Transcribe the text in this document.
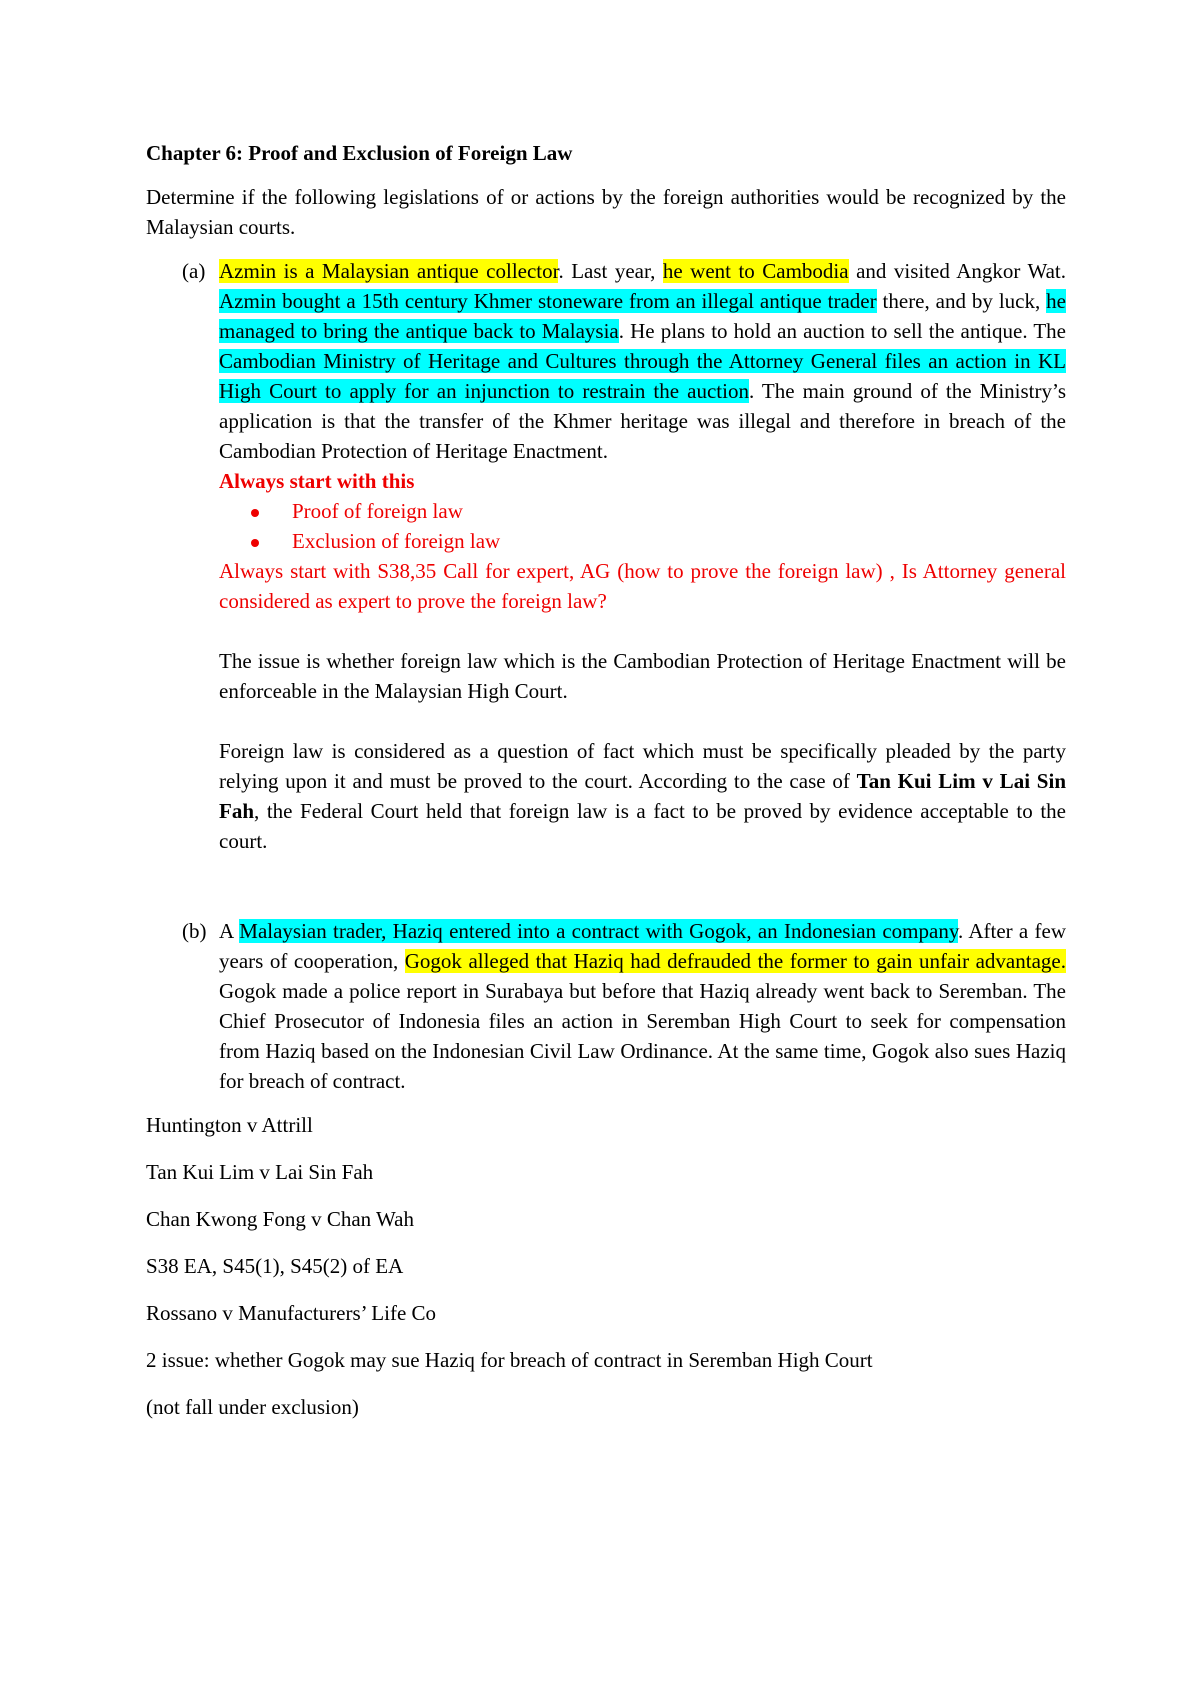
Chapter 6: Proof and Exclusion of Foreign Law

Determine if the following legislations of or actions by the foreign authorities would be recognized by the Malaysian courts.

(a) Azmin is a Malaysian antique collector. Last year, he went to Cambodia and visited Angkor Wat. Azmin bought a 15th century Khmer stoneware from an illegal antique trader there, and by luck, he managed to bring the antique back to Malaysia. He plans to hold an auction to sell the antique. The Cambodian Ministry of Heritage and Cultures through the Attorney General files an action in KL High Court to apply for an injunction to restrain the auction. The main ground of the Ministry’s application is that the transfer of the Khmer heritage was illegal and therefore in breach of the Cambodian Protection of Heritage Enactment.

Always start with this

Proof of foreign law
Exclusion of foreign law

Always start with S38,35 Call for expert, AG (how to prove the foreign law) , Is Attorney general considered as expert to prove the foreign law?

The issue is whether foreign law which is the Cambodian Protection of Heritage Enactment will be enforceable in the Malaysian High Court.

Foreign law is considered as a question of fact which must be specifically pleaded by the party relying upon it and must be proved to the court. According to the case of Tan Kui Lim v Lai Sin Fah, the Federal Court held that foreign law is a fact to be proved by evidence acceptable to the court.

(b) A Malaysian trader, Haziq entered into a contract with Gogok, an Indonesian company. After a few years of cooperation, Gogok alleged that Haziq had defrauded the former to gain unfair advantage. Gogok made a police report in Surabaya but before that Haziq already went back to Seremban. The Chief Prosecutor of Indonesia files an action in Seremban High Court to seek for compensation from Haziq based on the Indonesian Civil Law Ordinance. At the same time, Gogok also sues Haziq for breach of contract.

Huntington v Attrill

Tan Kui Lim v Lai Sin Fah

Chan Kwong Fong v Chan Wah

S38 EA, S45(1), S45(2) of EA

Rossano v Manufacturers’ Life Co

2 issue: whether Gogok may sue Haziq for breach of contract in Seremban High Court

(not fall under exclusion)
